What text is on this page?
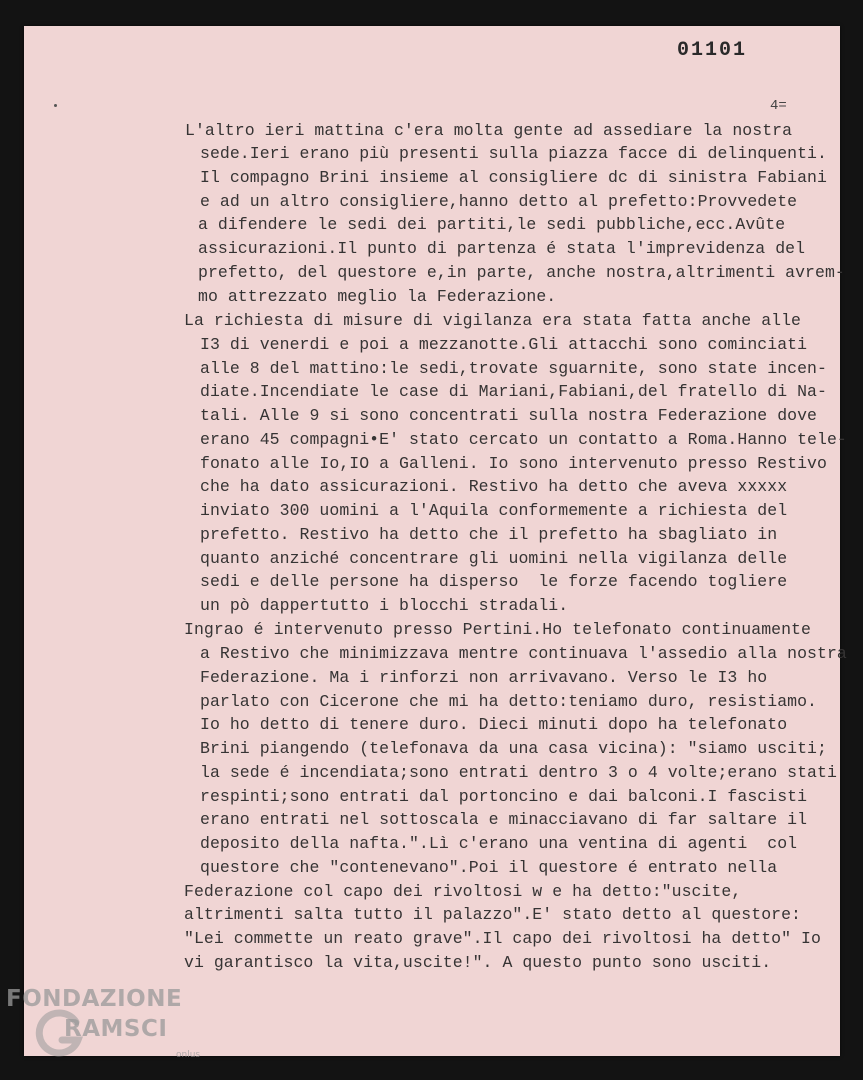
01101
4=
L'altro ieri mattina c'era molta gente ad assediare la nostra
sede.Ieri erano più presenti sulla piazza facce di delinquenti.
Il compagno Brini insieme al consigliere dc di sinistra Fabiani
e ad un altro consigliere,hanno detto al prefetto:Provvedete
a difendere le sedi dei partiti,le sedi pubbliche,ecc.Avûte
assicurazioni.Il punto di partenza é stata l'imprevidenza del
prefetto, del questore e,in parte, anche nostra,altrimenti avrem-
mo attrezzato meglio la Federazione.
La richiesta di misure di vigilanza era stata fatta anche alle
I3 di venerdi e poi a mezzanotte.Gli attacchi sono cominciati
alle 8 del mattino:le sedi,trovate sguarnite, sono state incen-
diate.Incendiate le case di Mariani,Fabiani,del fratello di Na-
tali. Alle 9 si sono concentrati sulla nostra Federazione dove
erano 45 compagni•E' stato cercato un contatto a Roma.Hanno tele-
fonato alle Io,IO a Galleni. Io sono intervenuto presso Restivo
che ha dato assicurazioni. Restivo ha detto che aveva xxxxx
inviato 300 uomini a l'Aquila conformemente a richiesta del
prefetto. Restivo ha detto che il prefetto ha sbagliato in
quanto anziché concentrare gli uomini nella vigilanza delle
sedi e delle persone ha disperso  le forze facendo togliere
un pò dappertutto i blocchi stradali.
Ingrao é intervenuto presso Pertini.Ho telefonato continuamente
a Restivo che minimizzava mentre continuava l'assedio alla nostra
Federazione. Ma i rinforzi non arrivavano. Verso le I3 ho
parlato con Cicerone che mi ha detto:teniamo duro, resistiamo.
Io ho detto di tenere duro. Dieci minuti dopo ha telefonato
Brini piangendo (telefonava da una casa vicina): "siamo usciti;
la sede é incendiata;sono entrati dentro 3 o 4 volte;erano stati
respinti;sono entrati dal portoncino e dai balconi.I fascisti
erano entrati nel sottoscala e minacciavano di far saltare il
deposito della nafta.".Lì c'erano una ventina di agenti  col
questore che "contenevano".Poi il questore é entrato nella
Federazione col capo dei rivoltosi w e ha detto:"uscite,
altrimenti salta tutto il palazzo".E' stato detto al questore:
"Lei commette un reato grave".Il capo dei rivoltosi ha detto" Io
vi garantisco la vita,uscite!". A questo punto sono usciti.
FONDAZIONE
RAMSCI
onlus
